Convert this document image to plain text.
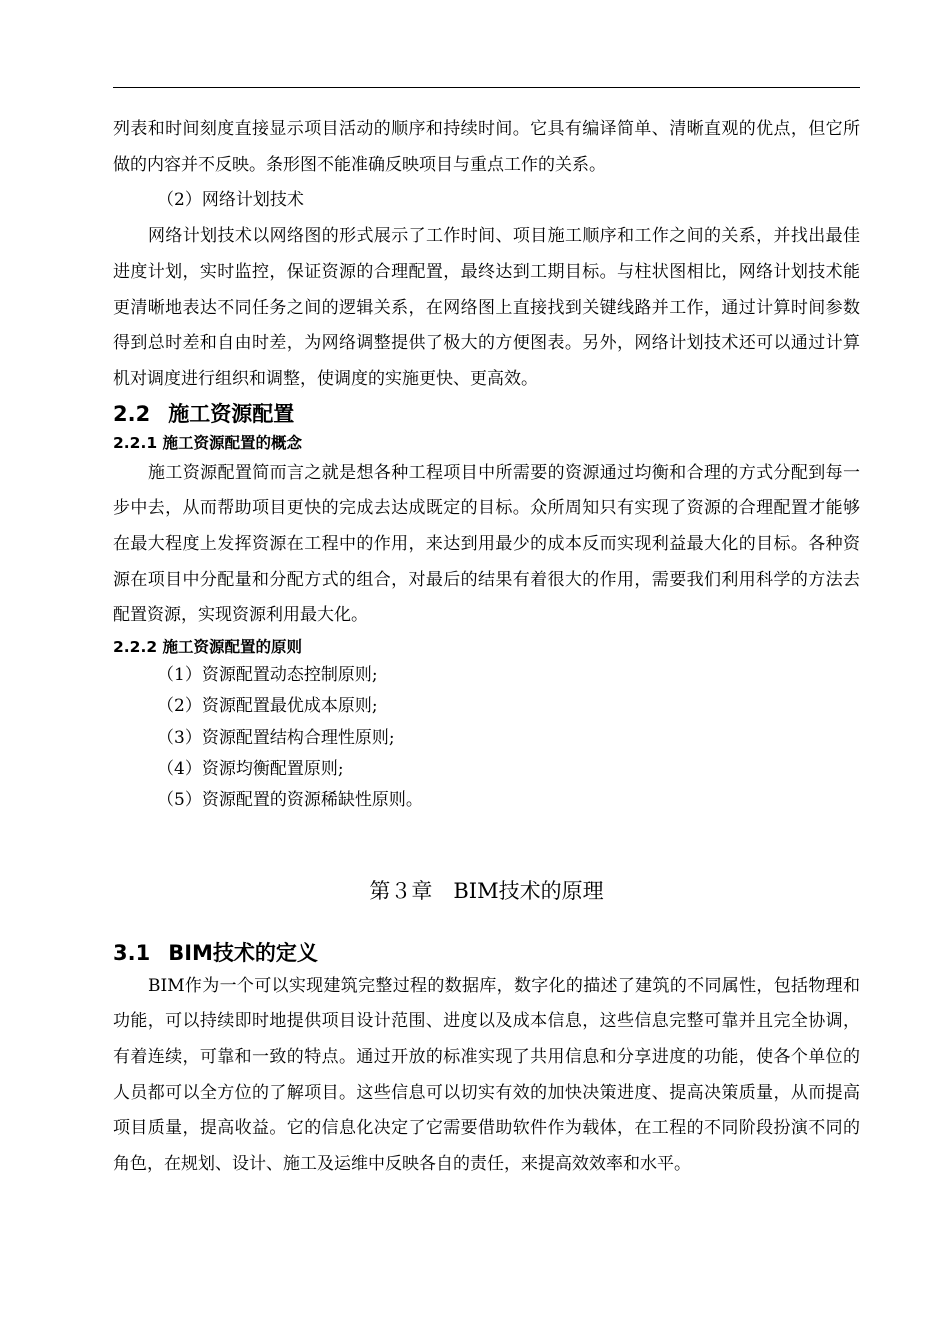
列表和时间刻度直接显示项目活动的顺序和持续时间。它具有编译简单、清晰直观的优点，但它所做的内容并不反映。条形图不能准确反映项目与重点工作的关系。

（2）网络计划技术

网络计划技术以网络图的形式展示了工作时间、项目施工顺序和工作之间的关系，并找出最佳进度计划，实时监控，保证资源的合理配置，最终达到工期目标。与柱状图相比，网络计划技术能更清晰地表达不同任务之间的逻辑关系，在网络图上直接找到关键线路并工作，通过计算时间参数得到总时差和自由时差，为网络调整提供了极大的方便图表。另外，网络计划技术还可以通过计算机对调度进行组织和调整，使调度的实施更快、更高效。

2.2 施工资源配置
2.2.1 施工资源配置的概念

施工资源配置简而言之就是想各种工程项目中所需要的资源通过均衡和合理的方式分配到每一步中去，从而帮助项目更快的完成去达成既定的目标。众所周知只有实现了资源的合理配置才能够在最大程度上发挥资源在工程中的作用，来达到用最少的成本反而实现利益最大化的目标。各种资源在项目中分配量和分配方式的组合，对最后的结果有着很大的作用，需要我们利用科学的方法去配置资源，实现资源利用最大化。

2.2.2 施工资源配置的原则

（1）资源配置动态控制原则;

（2）资源配置最优成本原则;

（3）资源配置结构合理性原则;

（4）资源均衡配置原则;

（5）资源配置的资源稀缺性原则。

第３章　BIM技术的原理
3.1 BIM技术的定义

BIM作为一个可以实现建筑完整过程的数据库，数字化的描述了建筑的不同属性，包括物理和功能，可以持续即时地提供项目设计范围、进度以及成本信息，这些信息完整可靠并且完全协调，有着连续，可靠和一致的特点。通过开放的标准实现了共用信息和分享进度的功能，使各个单位的人员都可以全方位的了解项目。这些信息可以切实有效的加快决策进度、提高决策质量，从而提高项目质量，提高收益。它的信息化决定了它需要借助软件作为载体，在工程的不同阶段扮演不同的角色，在规划、设计、施工及运维中反映各自的责任，来提高效效率和水平。
